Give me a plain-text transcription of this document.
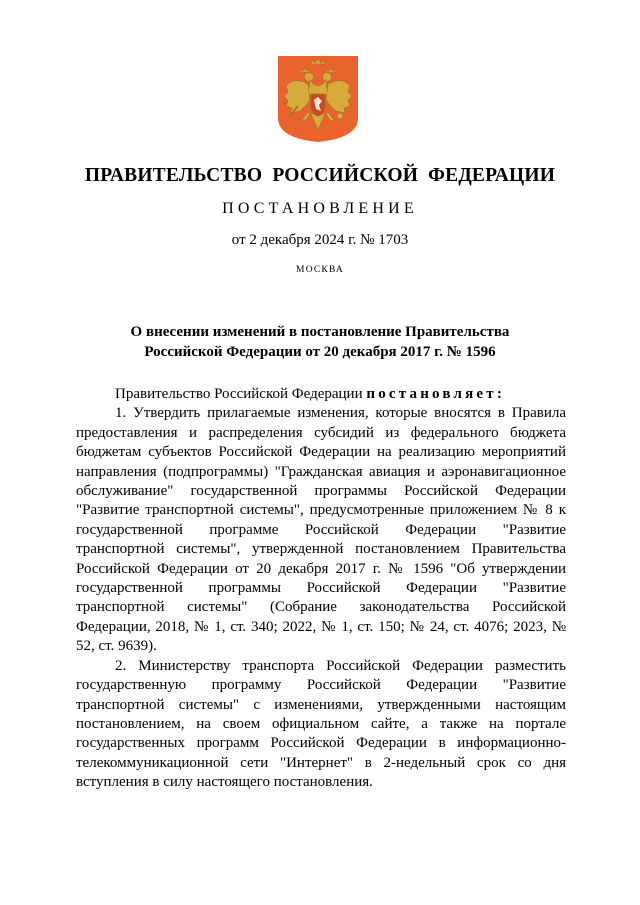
ПРАВИТЕЛЬСТВО РОССИЙСКОЙ ФЕДЕРАЦИИ
ПОСТАНОВЛЕНИЕ
от 2 декабря 2024 г. № 1703
МОСКВА
О внесении изменений в постановление Правительства
Российской Федерации от 20 декабря 2017 г. № 1596

Правительство Российской Федерации постановляет:

1. Утвердить прилагаемые изменения, которые вносятся в Правила предоставления и распределения субсидий из федерального бюджета бюджетам субъектов Российской Федерации на реализацию мероприятий направления (подпрограммы) "Гражданская авиация и аэронавигационное обслуживание" государственной программы Российской Федерации "Развитие транспортной системы", предусмотренные приложением № 8 к государственной программе Российской Федерации "Развитие транспортной системы", утвержденной постановлением Правительства Российской Федерации от 20 декабря 2017 г. № 1596 "Об утверждении государственной программы Российской Федерации "Развитие транспортной системы" (Собрание законодательства Российской Федерации, 2018, № 1, ст. 340; 2022, № 1, ст. 150; № 24, ст. 4076; 2023, № 52, ст. 9639).

2. Министерству транспорта Российской Федерации разместить государственную программу Российской Федерации "Развитие транспортной системы" с изменениями, утвержденными настоящим постановлением, на своем официальном сайте, а также на портале государственных программ Российской Федерации в информационно-телекоммуникационной сети "Интернет" в 2-недельный срок со дня вступления в силу настоящего постановления.
